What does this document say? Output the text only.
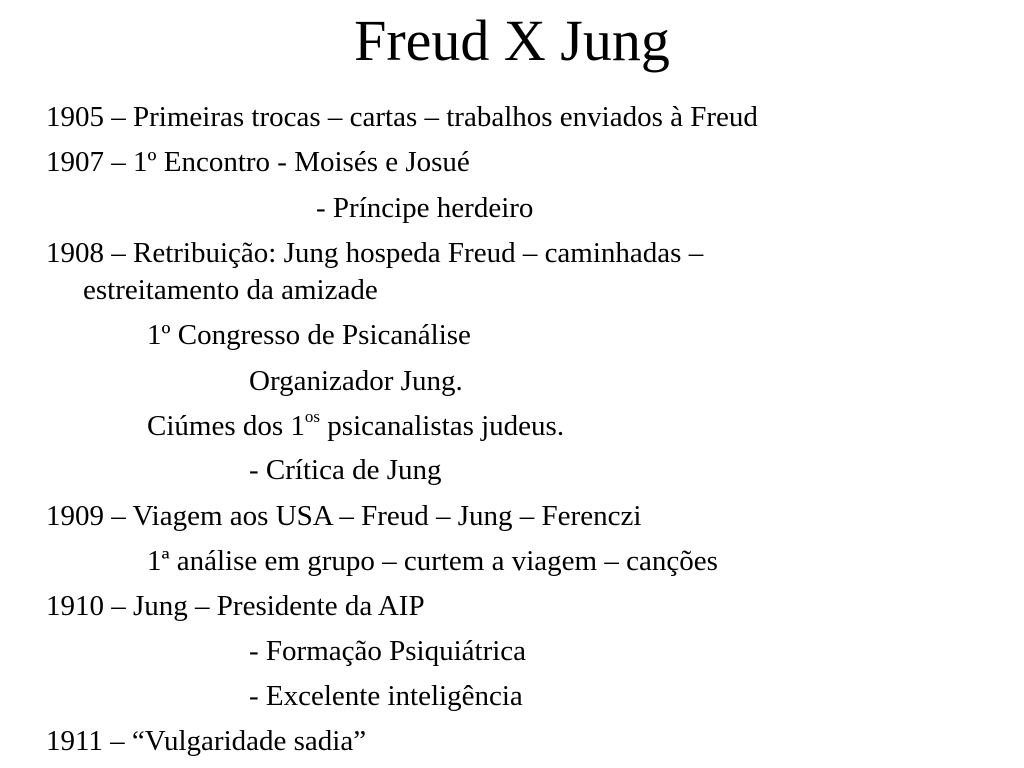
Freud X Jung
1905 – Primeiras trocas – cartas – trabalhos enviados à Freud
1907 – 1º Encontro - Moisés e Josué
- Príncipe herdeiro
1908 – Retribuição: Jung hospeda Freud – caminhadas –
estreitamento da amizade
1º Congresso de Psicanálise
Organizador Jung.
Ciúmes dos $1^{os}$ psicanalistas judeus.
- Crítica de Jung
1909 – Viagem aos USA – Freud – Jung – Ferenczi
1ª análise em grupo – curtem a viagem – canções
1910 – Jung – Presidente da AIP
- Formação Psiquiátrica
- Excelente inteligência
1911 – “Vulgaridade sadia”
